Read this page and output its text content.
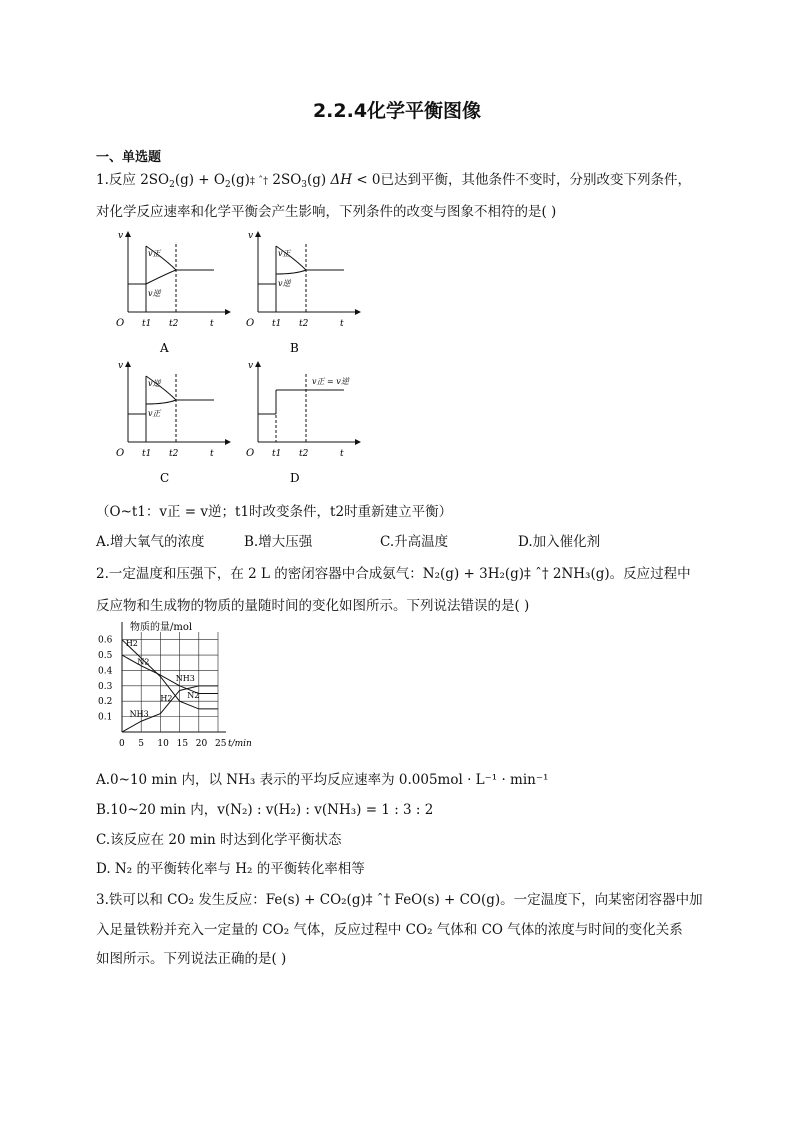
2.2.4化学平衡图像
一、单选题
1.反应 $2SO_2(g)$ + $O_2(g)\ddagger$ ˆ† $2SO_3(g) \Delta H < 0$已达到平衡，其他条件不变时，分别改变下列条件，
对化学反应速率和化学平衡会产生影响，下列条件的改变与图象不相符的是( )
v
O t1 t2	t
v正
v逆
A
v
O t1 t2	t
v正
v逆
B
v
O t1 t2	t
v逆
v正
C
v
O t1 t2	t
v正 = v逆
D
（O~t1：v正 = v逆；t1时改变条件，t2时重新建立平衡）
A.增大氧气的浓度	B.增大压强	C.升高温度	D.加入催化剂
2.一定温度和压强下，在 2 L 的密闭容器中合成氨气：N₂(g) + 3H₂(g)‡ ˆ† 2NH₃(g)。反应过程中
反应物和生成物的物质的量随时间的变化如图所示。下列说法错误的是( )
0.1
0.2
0.3
0.4
0.5
0.6
0 5 10 15 20 25
物质的量/mol
t/min
H2
H2
N2
N2
NH3
NH3
A.0~10 min 内，以 NH₃ 表示的平均反应速率为 0.005mol · L⁻¹ · min⁻¹
B.10~20 min 内，v(N₂) : v(H₂) : v(NH₃) = 1 : 3 : 2
C.该反应在 20 min 时达到化学平衡状态
D. N₂ 的平衡转化率与 H₂ 的平衡转化率相等
3.铁可以和 CO₂ 发生反应：Fe(s) + CO₂(g)‡ ˆ† FeO(s) + CO(g)。一定温度下，向某密闭容器中加
入足量铁粉并充入一定量的 CO₂ 气体，反应过程中 CO₂ 气体和 CO 气体的浓度与时间的变化关系
如图所示。下列说法正确的是( )
